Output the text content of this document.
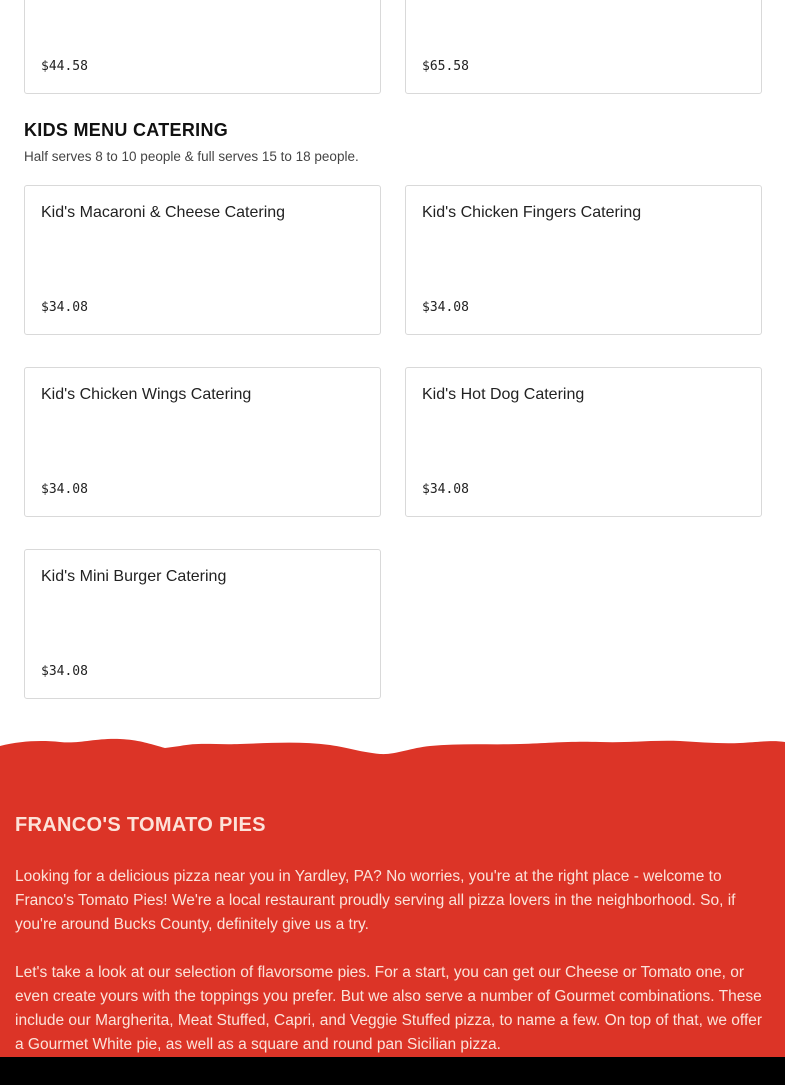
$44.58	$65.58
KIDS MENU CATERING

Half serves 8 to 10 people & full serves 15 to 18 people.

Kid's Macaroni & Cheese Catering
$34.08
Kid's Chicken Fingers Catering
$34.08
Kid's Chicken Wings Catering
$34.08
Kid's Hot Dog Catering
$34.08
Kid's Mini Burger Catering
$34.08
FRANCO'S TOMATO PIES

Looking for a delicious pizza near you in Yardley, PA? No worries, you're at the right place - welcome to Franco's Tomato Pies! We're a local restaurant proudly serving all pizza lovers in the neighborhood. So, if you're around Bucks County, definitely give us a try.

Let's take a look at our selection of flavorsome pies. For a start, you can get our Cheese or Tomato one, or even create yours with the toppings you prefer. But we also serve a number of Gourmet combinations. These include our Margherita, Meat Stuffed, Capri, and Veggie Stuffed pizza, to name a few. On top of that, we offer a Gourmet White pie, as well as a square and round pan Sicilian pizza.
